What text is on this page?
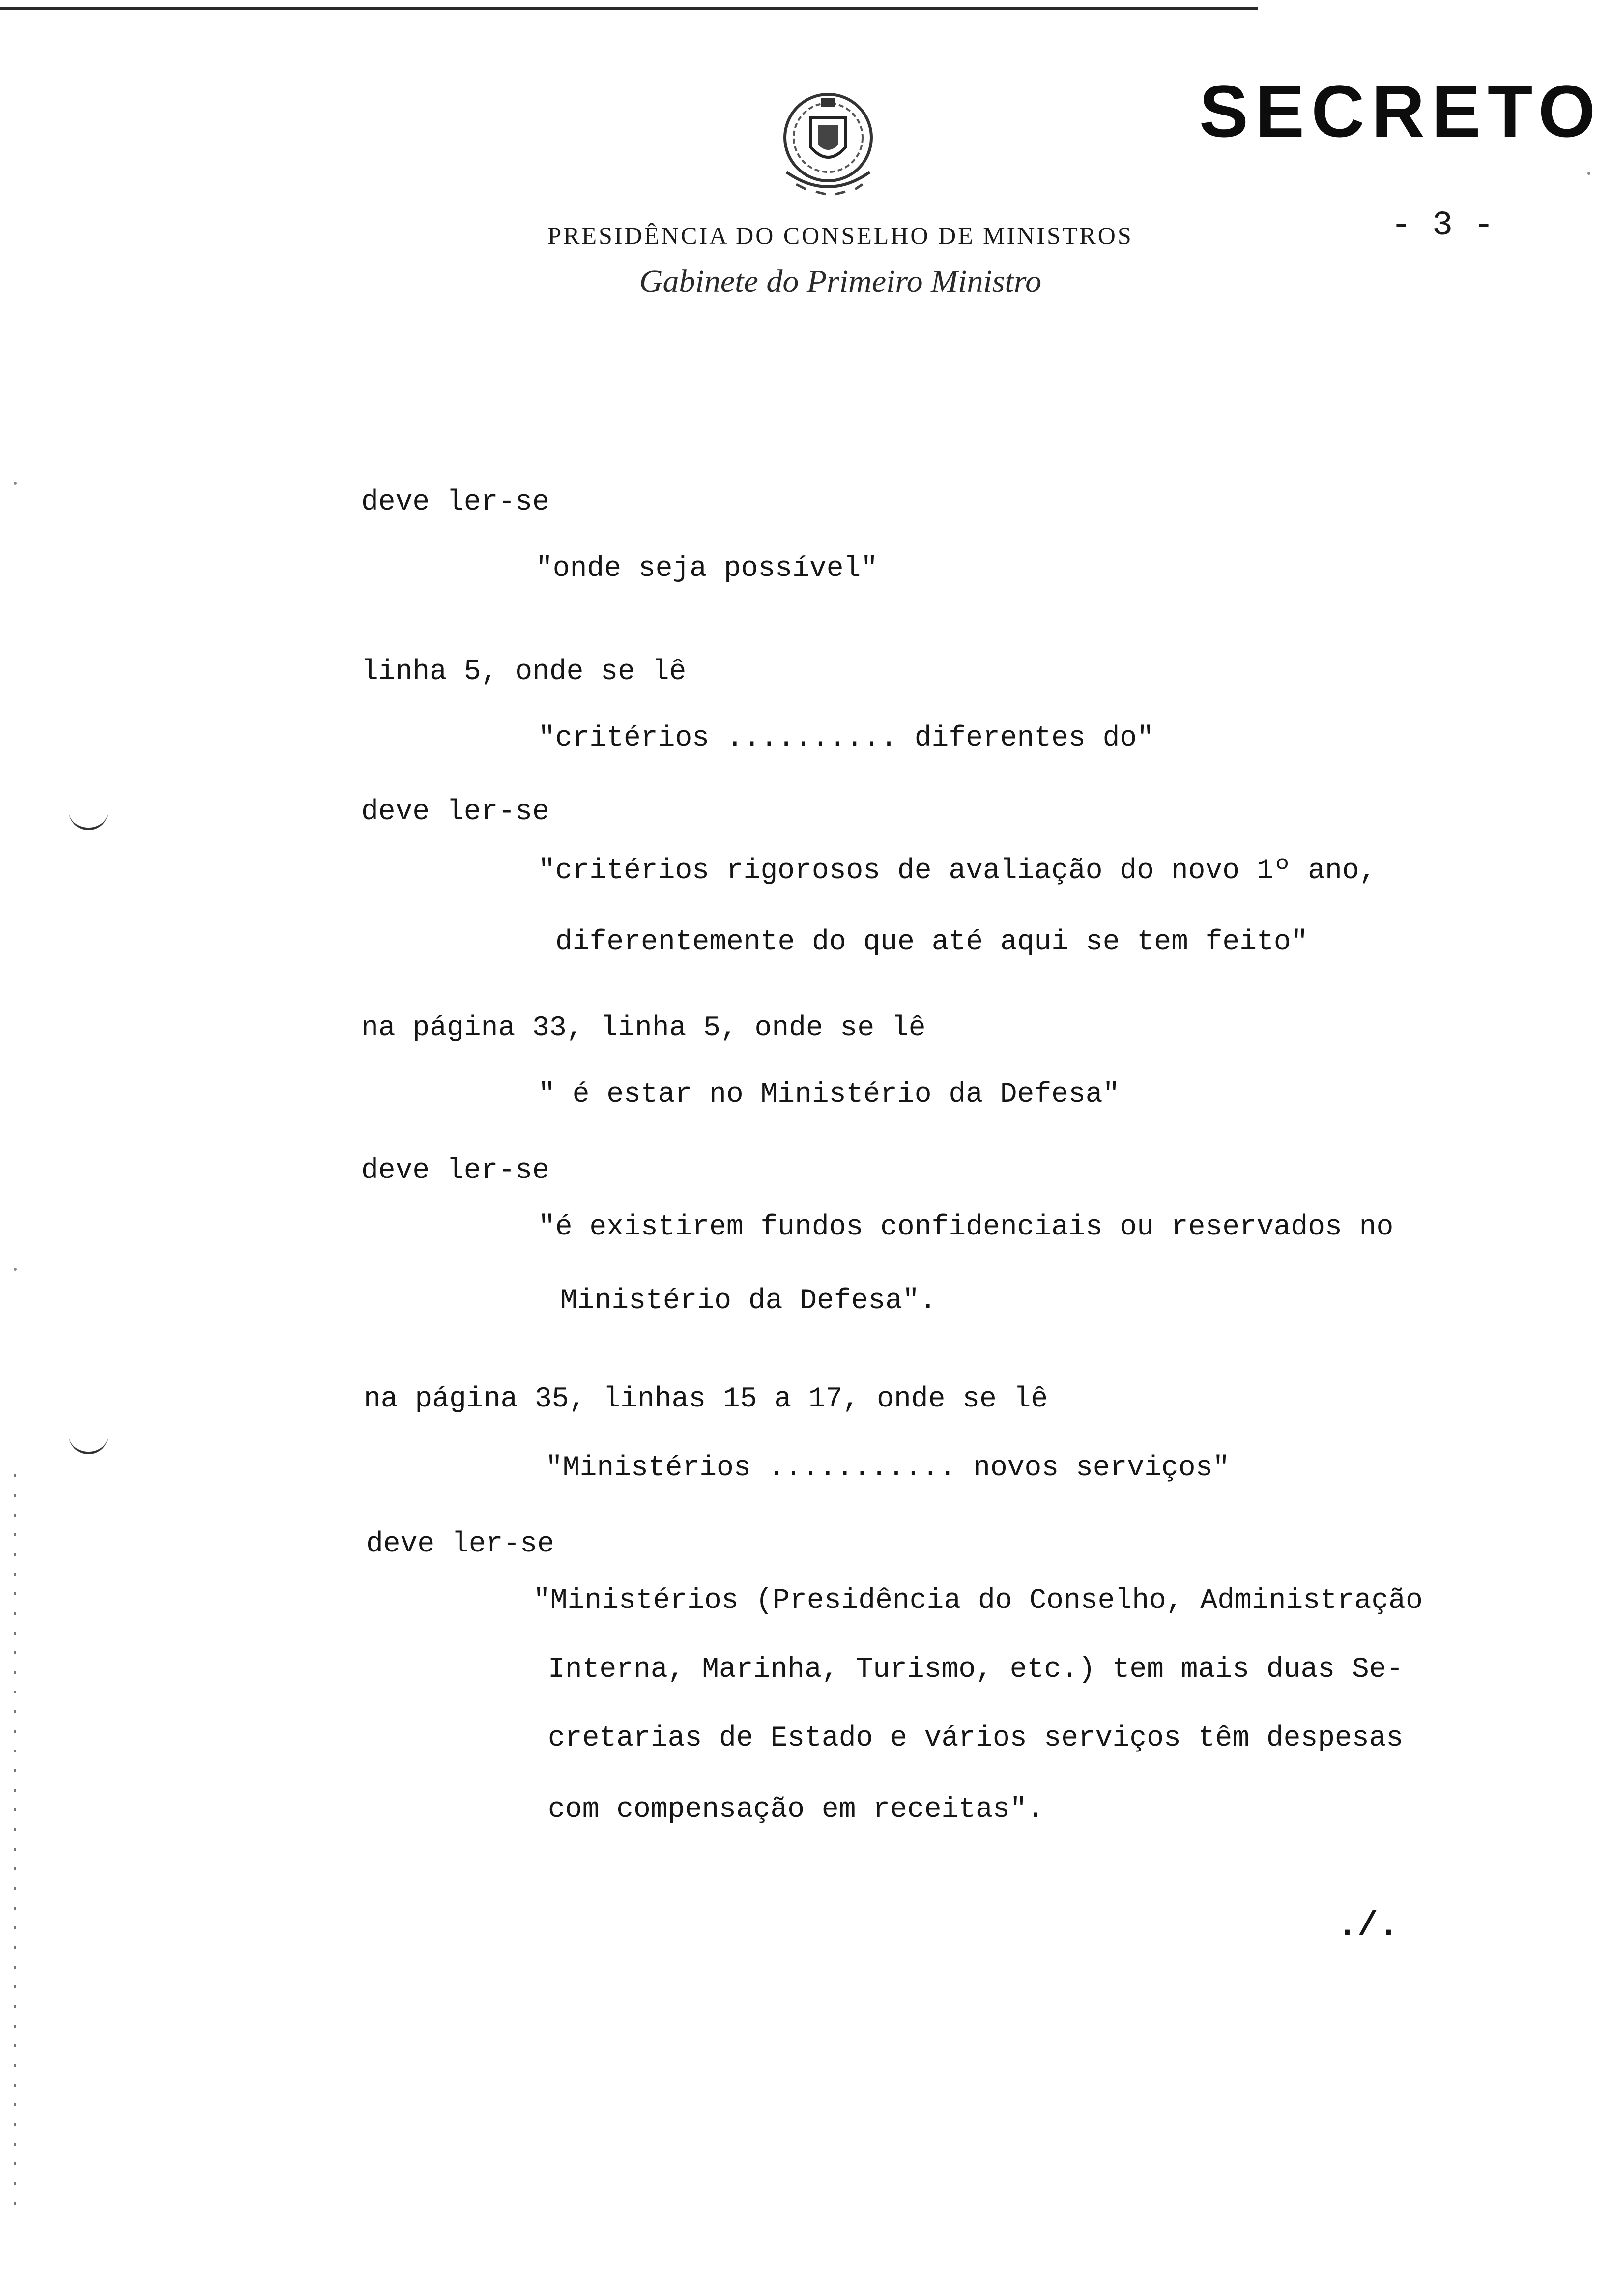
SECRETO
- 3 -
PRESIDÊNCIA DO CONSELHO DE MINISTROS
Gabinete do Primeiro Ministro
deve ler-se
"onde seja possível"
linha 5, onde se lê
"critérios .......... diferentes do"
deve ler-se
"critérios rigorosos de avaliação do novo 1º ano,
diferentemente do que até aqui se tem feito"
na página 33, linha 5, onde se lê
" é estar no Ministério da Defesa"
deve ler-se
"é existirem fundos confidenciais ou reservados no
Ministério da Defesa".
na página 35, linhas 15 a 17, onde se lê
"Ministérios ........... novos serviços"
deve ler-se
"Ministérios (Presidência do Conselho, Administração
Interna, Marinha, Turismo, etc.) tem mais duas Se-
cretarias de Estado e vários serviços têm despesas
com compensação em receitas".
./.
